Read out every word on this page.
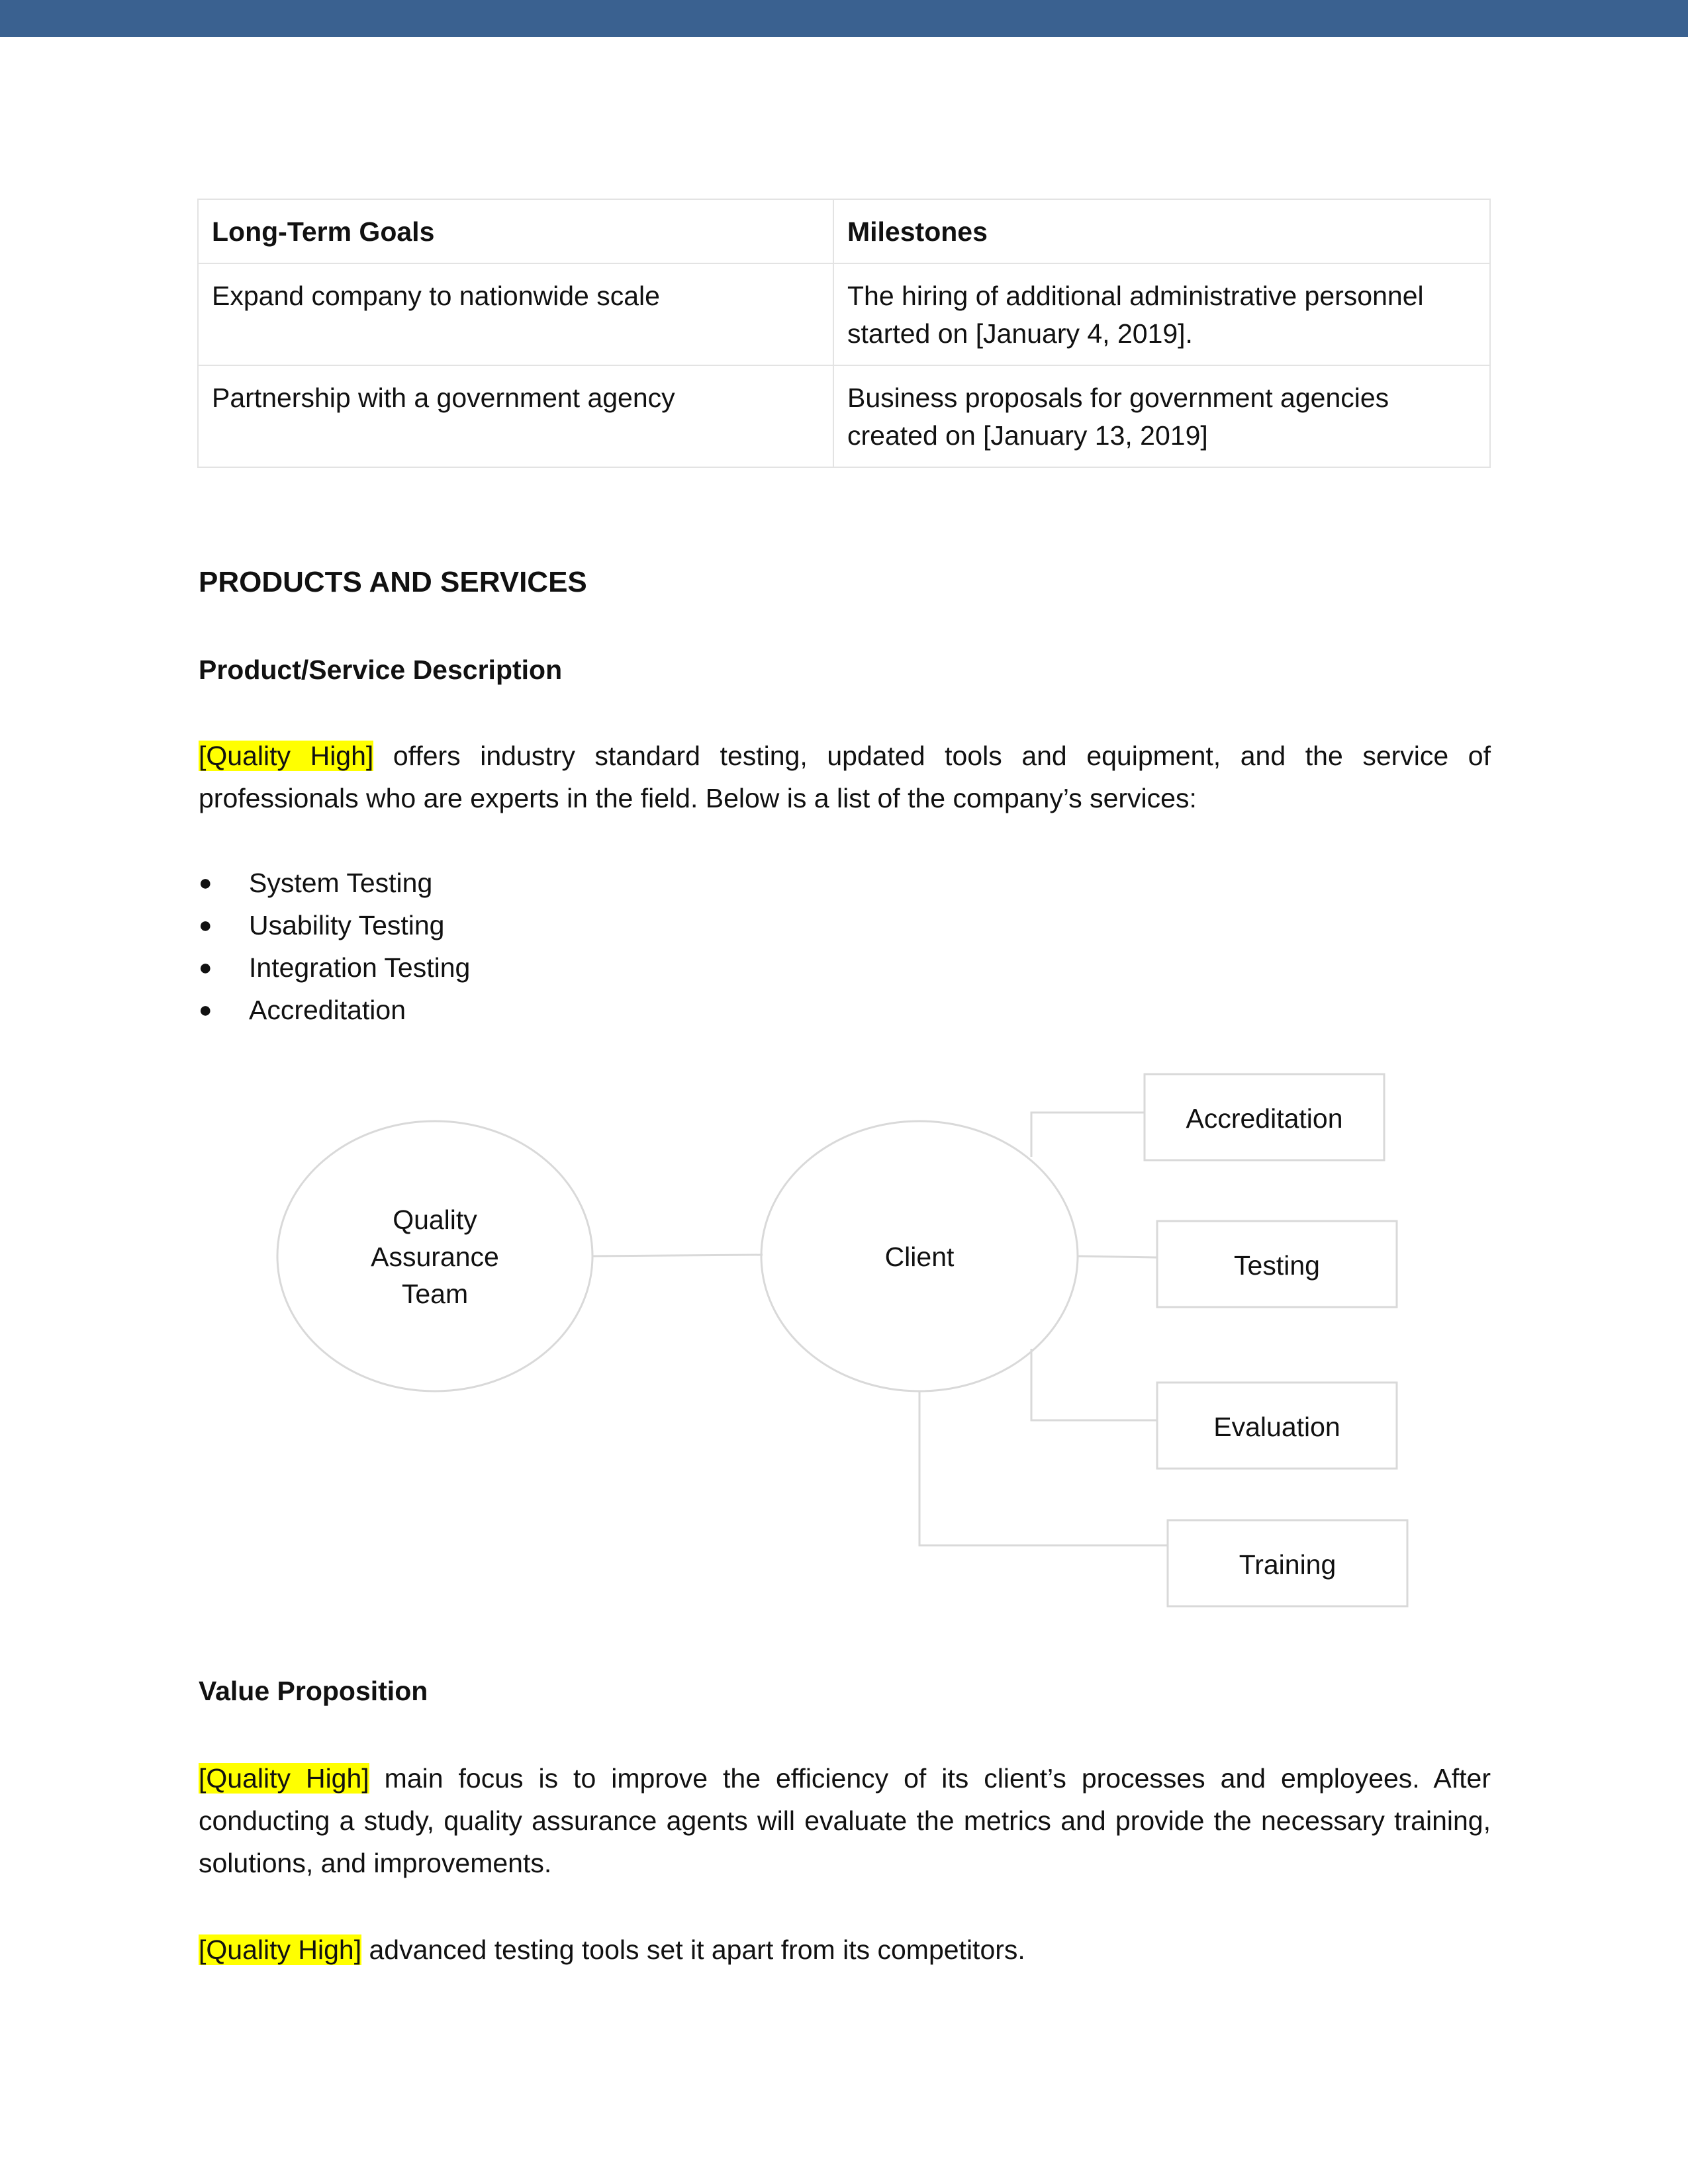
Long-Term Goals	Milestones
Expand company to nationwide scale	The hiring of additional administrative personnel started on [January 4, 2019].
Partnership with a government agency	Business proposals for government agencies created on [January 13, 2019]
PRODUCTS AND SERVICES
Product/Service Description

[Quality High] offers industry standard testing, updated tools and equipment, and the service of professionals who are experts in the field. Below is a list of the company’s services:

●	System Testing
●	Usability Testing
●	Integration Testing
●	Accreditation
Quality
Assurance
Team
Client
Accreditation
Testing
Evaluation
Training
Value Proposition

[Quality High] main focus is to improve the efficiency of its client’s processes and employees. After conducting a study, quality assurance agents will evaluate the metrics and provide the necessary training, solutions, and improvements.

[Quality High] advanced testing tools set it apart from its competitors.
